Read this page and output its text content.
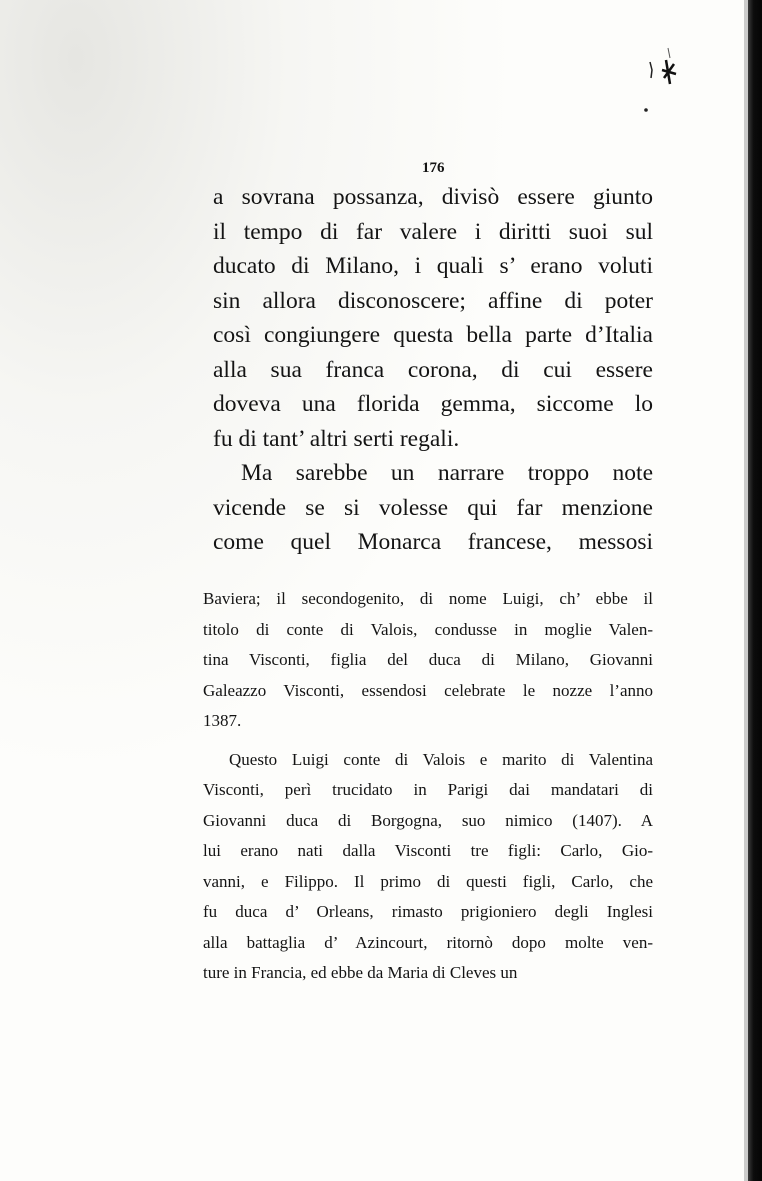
176

a sovrana possanza, divisò essere giunto

il tempo di far valere i diritti suoi sul

ducato di Milano, i quali s’ erano voluti

sin allora disconoscere; affine di poter

così congiungere questa bella parte d’Italia

alla sua franca corona, di cui essere

doveva una florida gemma, siccome lo

fu di tant’ altri serti regali.

Ma sarebbe un narrare troppo note

vicende se si volesse qui far menzione

come quel Monarca francese, messosi

Baviera; il secondogenito, di nome Luigi, ch’ ebbe il

titolo di conte di Valois, condusse in moglie Valen-

tina Visconti, figlia del duca di Milano, Giovanni

Galeazzo Visconti, essendosi celebrate le nozze l’anno

1387.

Questo Luigi conte di Valois e marito di Valentina

Visconti, perì trucidato in Parigi dai mandatari di

Giovanni duca di Borgogna, suo nimico (1407). A

lui erano nati dalla Visconti tre figli: Carlo, Gio-

vanni, e Filippo. Il primo di questi figli, Carlo, che

fu duca d’ Orleans, rimasto prigioniero degli Inglesi

alla battaglia d’ Azincourt, ritornò dopo molte ven-

ture in Francia, ed ebbe da Maria di Cleves un
